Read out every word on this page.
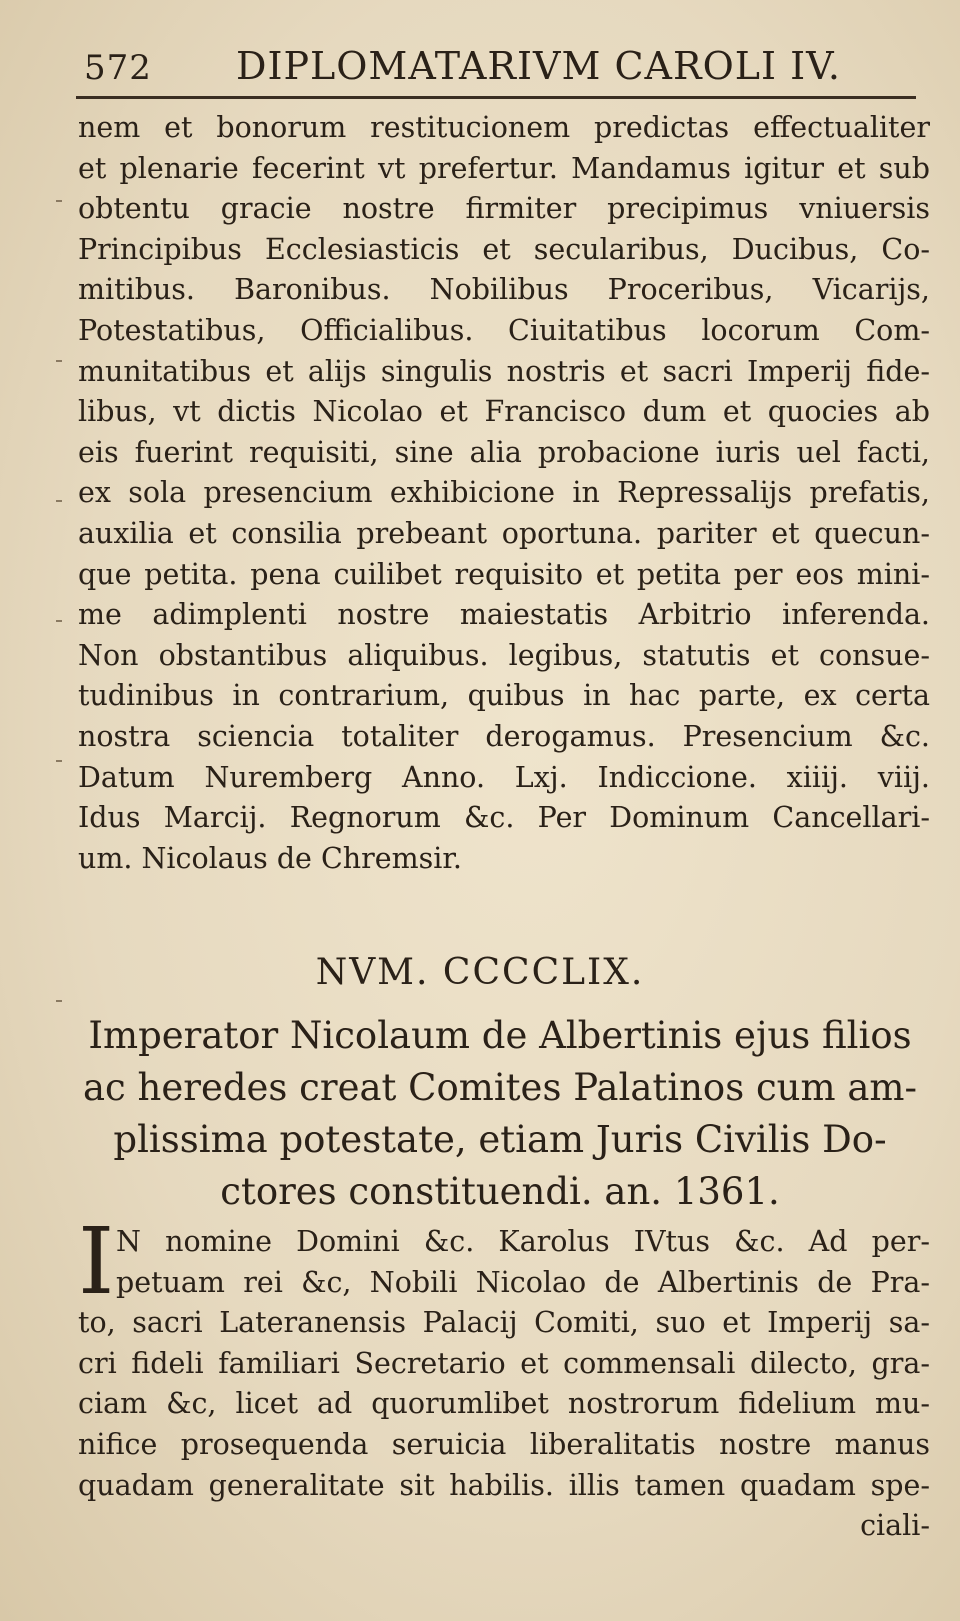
572 DIPLOMATARIVM CAROLI IV.
nem et bonorum restitucionem predictas effectualiter
et plenarie fecerint vt prefertur. Mandamus igitur et sub
obtentu gracie nostre firmiter precipimus vniuersis
Principibus Ecclesiasticis et secularibus, Ducibus, Co-
mitibus. Baronibus. Nobilibus Proceribus, Vicarijs,
Potestatibus, Officialibus. Ciuitatibus locorum Com-
munitatibus et alijs singulis nostris et sacri Imperij fide-
libus, vt dictis Nicolao et Francisco dum et quocies ab
eis fuerint requisiti, sine alia probacione iuris uel facti,
ex sola presencium exhibicione in Repressalijs prefatis,
auxilia et consilia prebeant oportuna. pariter et quecun-
que petita. pena cuilibet requisito et petita per eos mini-
me adimplenti nostre maiestatis Arbitrio inferenda.
Non obstantibus aliquibus. legibus, statutis et consue-
tudinibus in contrarium, quibus in hac parte, ex certa
nostra sciencia totaliter derogamus. Presencium &c.
Datum Nuremberg Anno. Lxj. Indiccione. xiiij. viij.
Idus Marcij. Regnorum &c. Per Dominum Cancellari-
um. Nicolaus de Chremsir.
NVM. CCCCLIX.
Imperator Nicolaum de Albertinis ejus filios
ac heredes creat Comites Palatinos cum am-
plissima potestate, etiam Juris Civilis Do-
ctores constituendi. an. 1361.
I N nomine Domini &c. Karolus IVtus &c. Ad per-
petuam rei &c, Nobili Nicolao de Albertinis de Pra-
to, sacri Lateranensis Palacij Comiti, suo et Imperij sa-
cri fideli familiari Secretario et commensali dilecto, gra-
ciam &c, licet ad quorumlibet nostrorum fidelium mu-
nifice prosequenda seruicia liberalitatis nostre manus
quadam generalitate sit habilis. illis tamen quadam spe-
ciali-
